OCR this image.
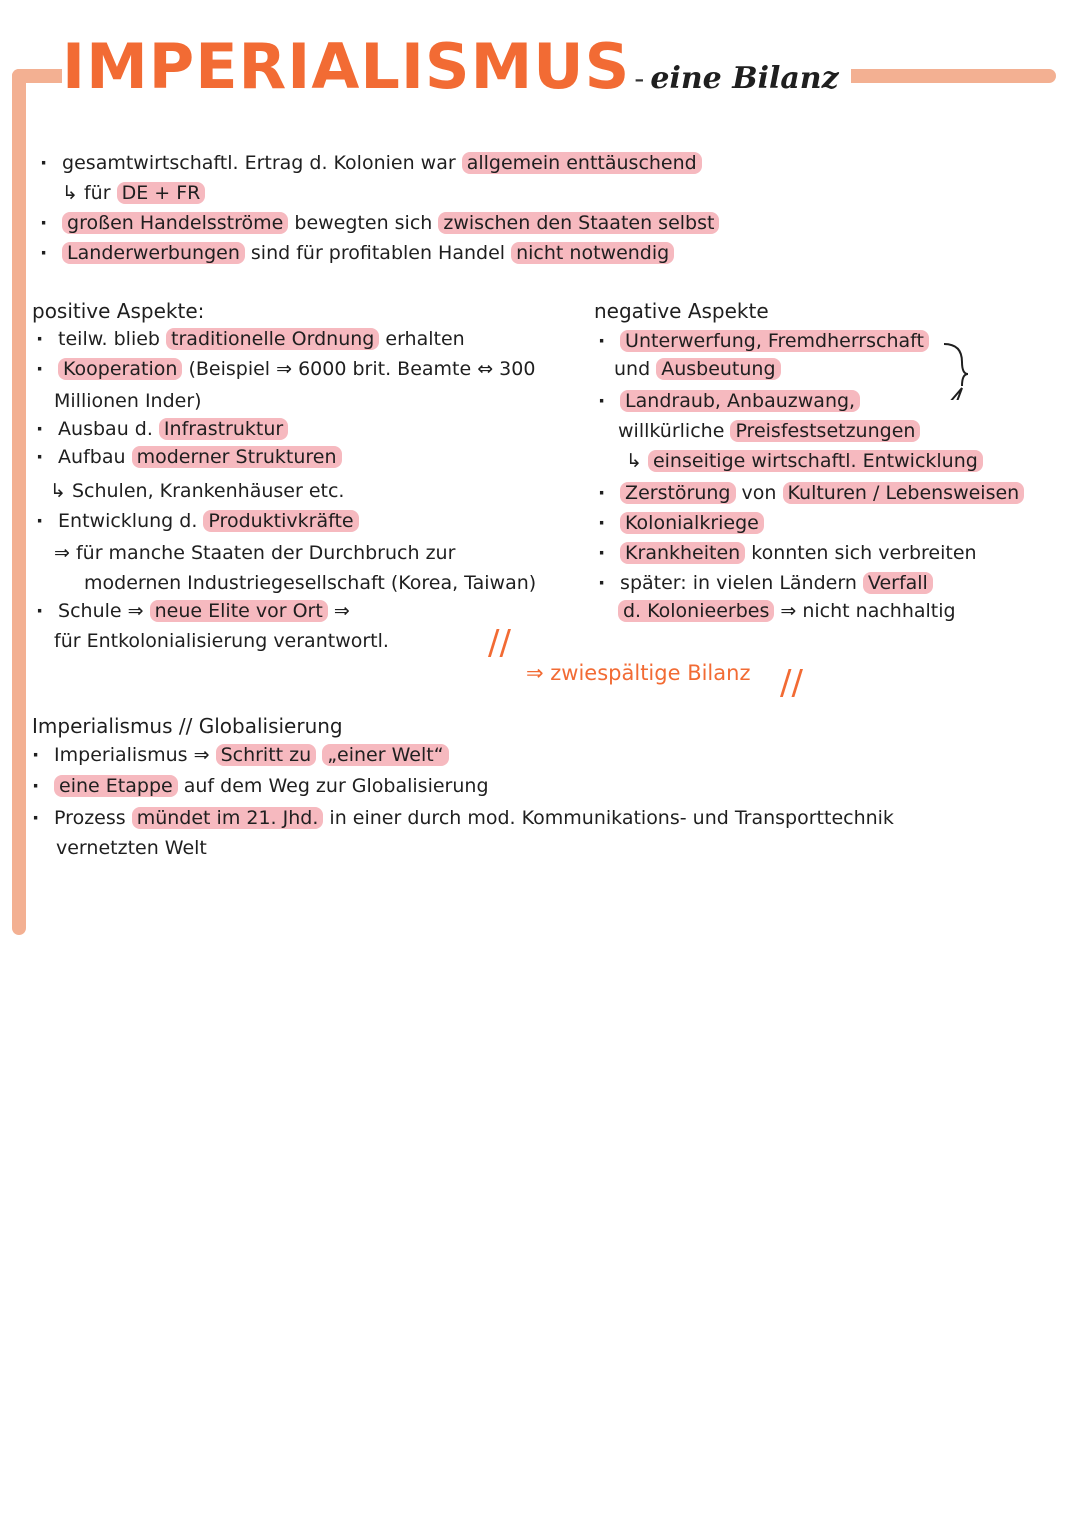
IMPERIALISMUS - eine Bilanz
· gesamtwirtschaftl. Ertrag d. Kolonien war allgemein enttäuschend
↳ für DE + FR
· großen Handelsströme bewegten sich zwischen den Staaten selbst
· Landerwerbungen sind für profitablen Handel nicht notwendig
positive Aspekte:
· teilw. blieb traditionelle Ordnung erhalten
· Kooperation (Beispiel ⇒ 6000 brit. Beamte ⇔ 300
Millionen Inder)
· Ausbau d. Infrastruktur
· Aufbau moderner Strukturen
↳ Schulen, Krankenhäuser etc.
· Entwicklung d. Produktivkräfte
⇒ für manche Staaten der Durchbruch zur
modernen Industriegesellschaft (Korea, Taiwan)
· Schule ⇒ neue Elite vor Ort ⇒
für Entkolonialisierung verantwortl.
negative Aspekte
· Unterwerfung, Fremdherrschaft
und Ausbeutung
· Landraub, Anbauzwang,
willkürliche Preisfestsetzungen
↳ einseitige wirtschaftl. Entwicklung
· Zerstörung von Kulturen / Lebensweisen
· Kolonialkriege
· Krankheiten konnten sich verbreiten
· später: in vielen Ländern Verfall
d. Kolonieerbes ⇒ nicht nachhaltig
//
⇒ zwiespältige Bilanz //
Imperialismus // Globalisierung
· Imperialismus ⇒ Schritt zu „einer Welt“
· eine Etappe auf dem Weg zur Globalisierung
· Prozess mündet im 21. Jhd. in einer durch mod. Kommunikations- und Transporttechnik
vernetzten Welt
